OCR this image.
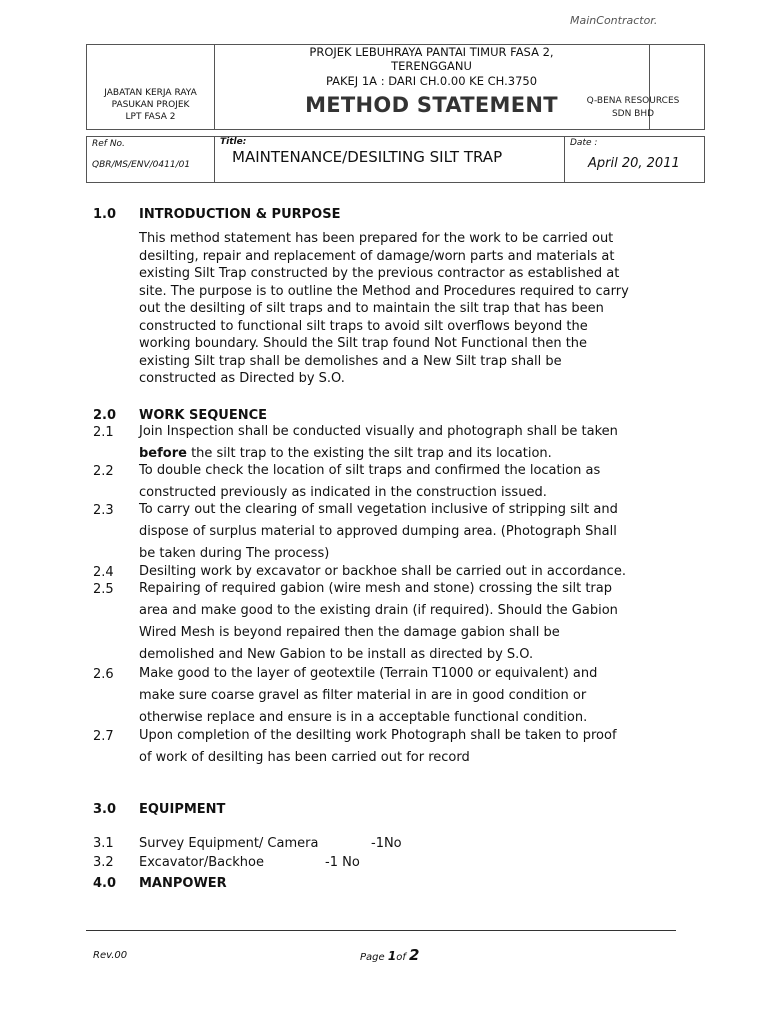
JABATAN KERJA RAYA
PASUKAN PROJEK
LPT FASA 2
PROJEK LEBUHRAYA PANTAI TIMUR FASA 2,
TERENGGANU
PAKEJ 1A : DARI CH.0.00 KE CH.3750
METHOD STATEMENT
MainContractor.
Q-BENA RESOURCES
SDN BHD
Ref No.
QBR/MS/ENV/0411/01
Title:
MAINTENANCE/DESILTING SILT TRAP
Date :
April 20, 2011
1.0 INTRODUCTION & PURPOSE
This method statement has been prepared for the work to be carried out
desilting, repair and replacement of damage/worn parts and materials at
existing Silt Trap constructed by the previous contractor as established at
site. The purpose is to outline the Method and Procedures required to carry
out the desilting of silt traps and to maintain the silt trap that has been
constructed to functional silt traps to avoid silt overflows beyond the
working boundary. Should the Silt trap found Not Functional then the
existing Silt trap shall be demolishes and a New Silt trap shall be
constructed as Directed by S.O.
2.0 WORK SEQUENCE
2.1 Join Inspection shall be conducted visually and photograph shall be taken
before the silt trap to the existing the silt trap and its location.
2.2 To double check the location of silt traps and confirmed the location as
constructed previously as indicated in the construction issued.
2.3 To carry out the clearing of small vegetation inclusive of stripping silt and
dispose of surplus material to approved dumping area. (Photograph Shall
be taken during The process)
2.4 Desilting work by excavator or backhoe shall be carried out in accordance.
2.5 Repairing of required gabion (wire mesh and stone) crossing the silt trap
area and make good to the existing drain (if required). Should the Gabion
Wired Mesh is beyond repaired then the damage gabion shall be
demolished and New Gabion to be install as directed by S.O.
2.6 Make good to the layer of geotextile (Terrain T1000 or equivalent) and
make sure coarse gravel as filter material in are in good condition or
otherwise replace and ensure is in a acceptable functional condition.
2.7 Upon completion of the desilting work Photograph shall be taken to proof
of work of desilting has been carried out for record
3.0 EQUIPMENT
3.1 Survey Equipment/ Camera	-1No
3.2 Excavator/Backhoe	-1 No
4.0 MANPOWER
Rev.00	Page 1of 2
